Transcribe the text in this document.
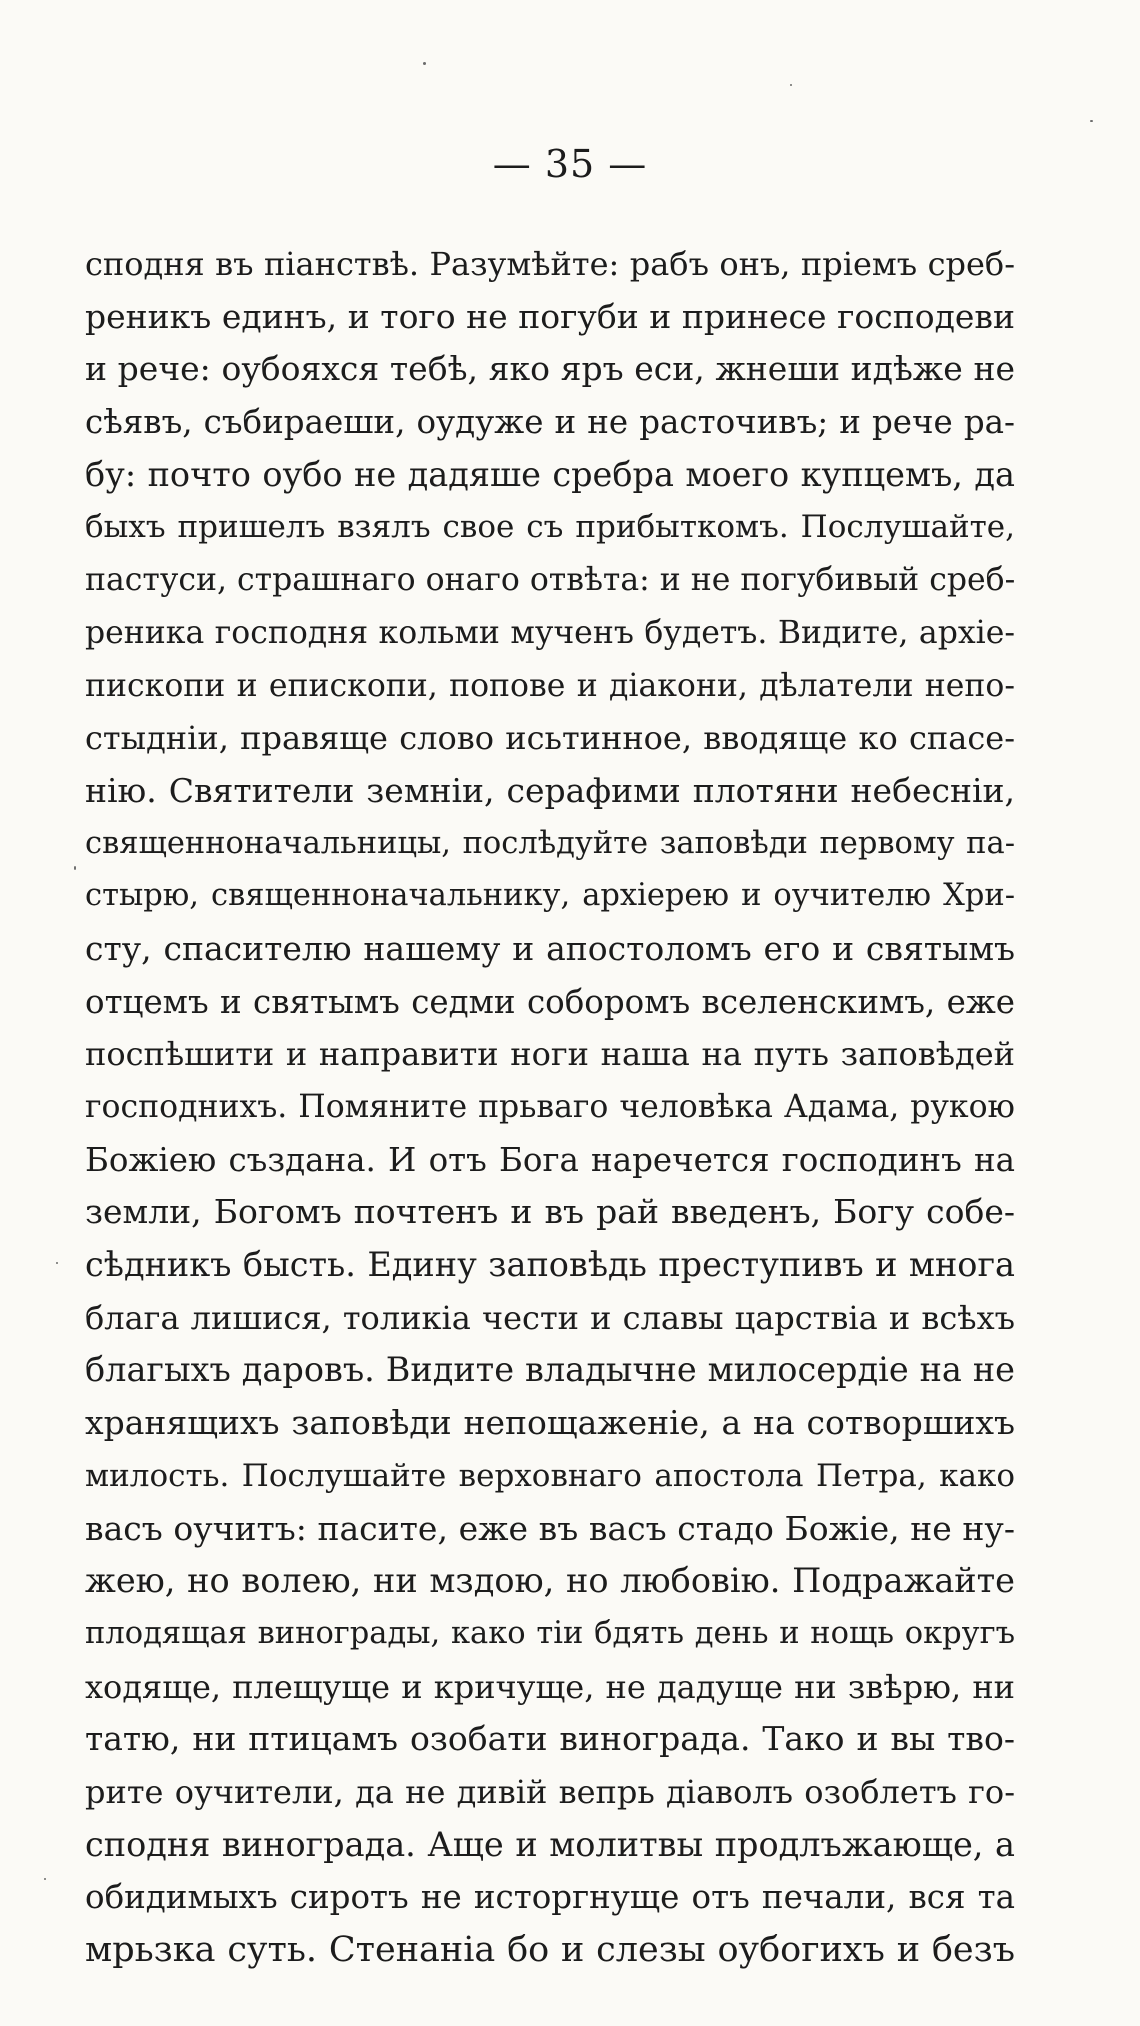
— 35 —
сподня въ піанствѣ. Разумѣйте: рабъ онъ, пріемъ среб-
реникъ единъ, и того не погуби и принесе господеви
и рече: оубояхся тебѣ, яко яръ еси, жнеши идѣже не
сѣявъ, събираеши, оудуже и не расточивъ; и рече ра-
бу: почто оубо не дадяше сребра моего купцемъ, да
быхъ пришелъ взялъ свое съ прибыткомъ. Послушайте,
пастуси, страшнаго онаго отвѣта: и не погубивый среб-
реника господня кольми мученъ будетъ. Видите, архіе-
пископи и епископи, попове и діакони, дѣлатели непо-
стыдніи, правяще слово исьтинное, вводяще ко спасе-
нію. Святители земніи, серафими плотяни небесніи,
священноначальницы, послѣдуйте заповѣди первому па-
стырю, священноначальнику, архіерею и оучителю Хри-
сту, спасителю нашему и апостоломъ его и святымъ
отцемъ и святымъ седми соборомъ вселенскимъ, еже
поспѣшити и направити ноги наша на путь заповѣдей
господнихъ. Помяните прьваго человѣка Адама, рукою
Божіею създана. И отъ Бога наречется господинъ на
земли, Богомъ почтенъ и въ рай введенъ, Богу собе-
сѣдникъ бысть. Едину заповѣдь преступивъ и многа
блага лишися, толикіа чести и славы царствіа и всѣхъ
благыхъ даровъ. Видите владычне милосердіе на не
хранящихъ заповѣди непощаженіе, а на сотворшихъ
милость. Послушайте верховнаго апостола Петра, како
васъ оучитъ: пасите, еже въ васъ стадо Божіе, не ну-
жею, но волею, ни мздою, но любовію. Подражайте
плодящая винограды, како тіи бдять день и нощь округъ
ходяще, плещуще и кричуще, не дадуще ни звѣрю, ни
татю, ни птицамъ озобати винограда. Тако и вы тво-
рите оучители, да не дивій вепрь діаволъ озоблетъ го-
сподня винограда. Аще и молитвы продлъжающе, а
обидимыхъ сиротъ не исторгнуще отъ печали, вся та
мрьзка суть. Стенаніа бо и слезы оубогихъ и безъ
